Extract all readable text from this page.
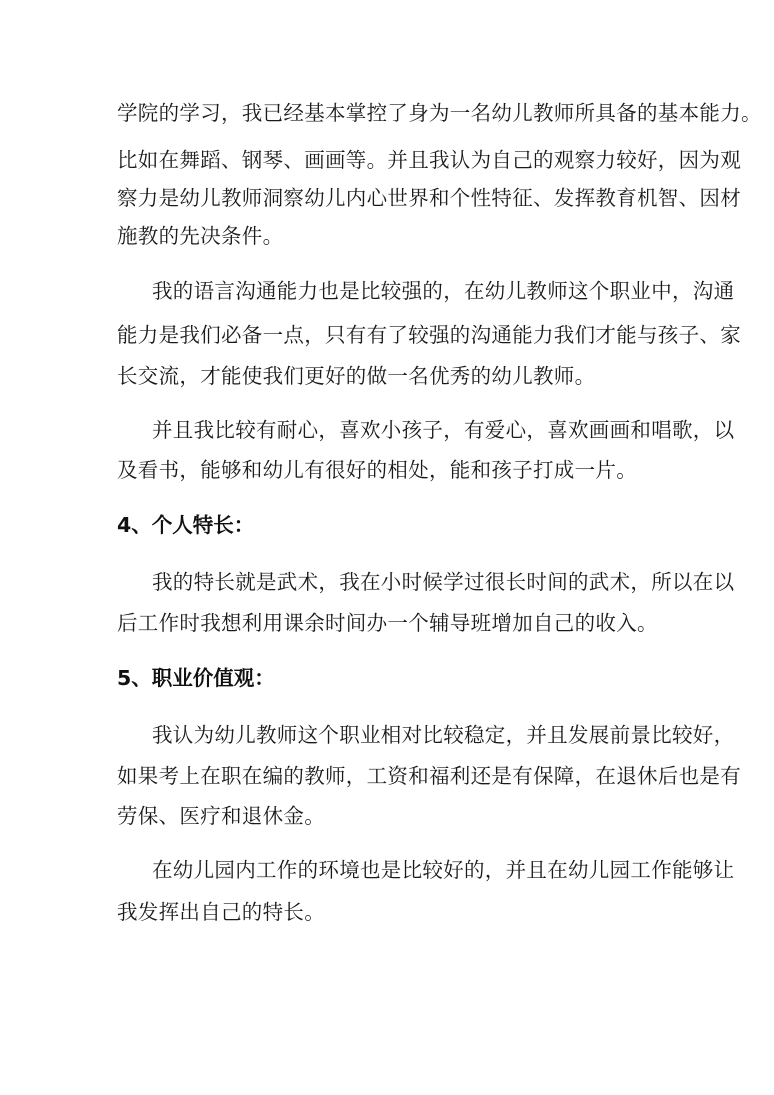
学院的学习，我已经基本掌控了身为一名幼儿教师所具备的基本能力。
比如在舞蹈、钢琴、画画等。并且我认为自己的观察力较好，因为观
察力是幼儿教师洞察幼儿内心世界和个性特征、发挥教育机智、因材
施教的先决条件。
我的语言沟通能力也是比较强的，在幼儿教师这个职业中，沟通
能力是我们必备一点，只有有了较强的沟通能力我们才能与孩子、家
长交流，才能使我们更好的做一名优秀的幼儿教师。
并且我比较有耐心，喜欢小孩子，有爱心，喜欢画画和唱歌，以
及看书，能够和幼儿有很好的相处，能和孩子打成一片。
4、个人特长：
我的特长就是武术，我在小时候学过很长时间的武术，所以在以
后工作时我想利用课余时间办一个辅导班增加自己的收入。
5、职业价值观：
我认为幼儿教师这个职业相对比较稳定，并且发展前景比较好，
如果考上在职在编的教师，工资和福利还是有保障，在退休后也是有
劳保、医疗和退休金。
在幼儿园内工作的环境也是比较好的，并且在幼儿园工作能够让
我发挥出自己的特长。
